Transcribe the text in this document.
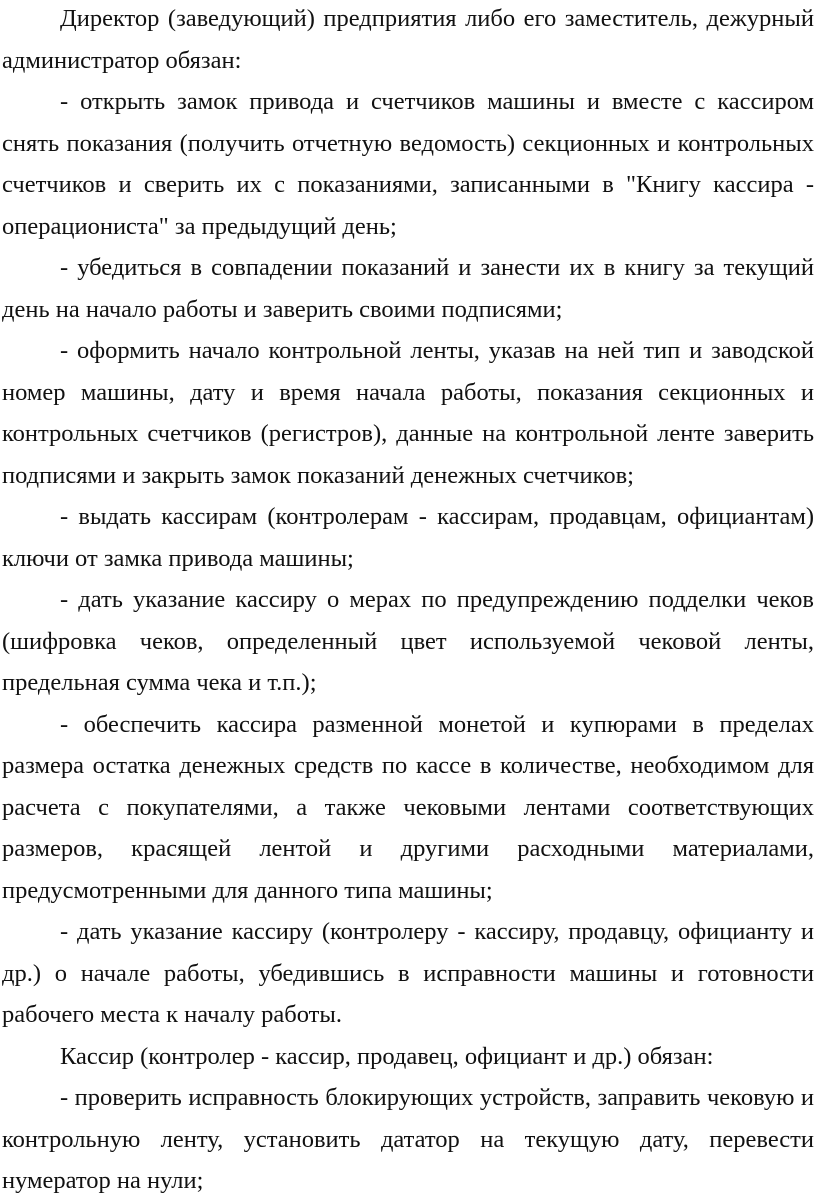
Директор (заведующий) предприятия либо его заместитель, дежурный администратор обязан:

- открыть замок привода и счетчиков машины и вместе с кассиром снять показания (получить отчетную ведомость) секционных и контрольных счетчиков и сверить их с показаниями, записанными в "Книгу кассира - операциониста" за предыдущий день;

- убедиться в совпадении показаний и занести их в книгу за текущий день на начало работы и заверить своими подписями;

- оформить начало контрольной ленты, указав на ней тип и заводской номер машины, дату и время начала работы, показания секционных и контрольных счетчиков (регистров), данные на контрольной ленте заверить подписями и закрыть замок показаний денежных счетчиков;

- выдать кассирам (контролерам - кассирам, продавцам, официантам) ключи от замка привода машины;

- дать указание кассиру о мерах по предупреждению подделки чеков (шифровка чеков, определенный цвет используемой чековой ленты, предельная сумма чека и т.п.);

- обеспечить кассира разменной монетой и купюрами в пределах размера остатка денежных средств по кассе в количестве, необходимом для расчета с покупателями, а также чековыми лентами соответствующих размеров, красящей лентой и другими расходными материалами, предусмотренными для данного типа машины;

- дать указание кассиру (контролеру - кассиру, продавцу, официанту и др.) о начале работы, убедившись в исправности машины и готовности рабочего места к началу работы.

Кассир (контролер - кассир, продавец, официант и др.) обязан:

- проверить исправность блокирующих устройств, заправить чековую и контрольную ленту, установить дататор на текущую дату, перевести нумератор на нули;
